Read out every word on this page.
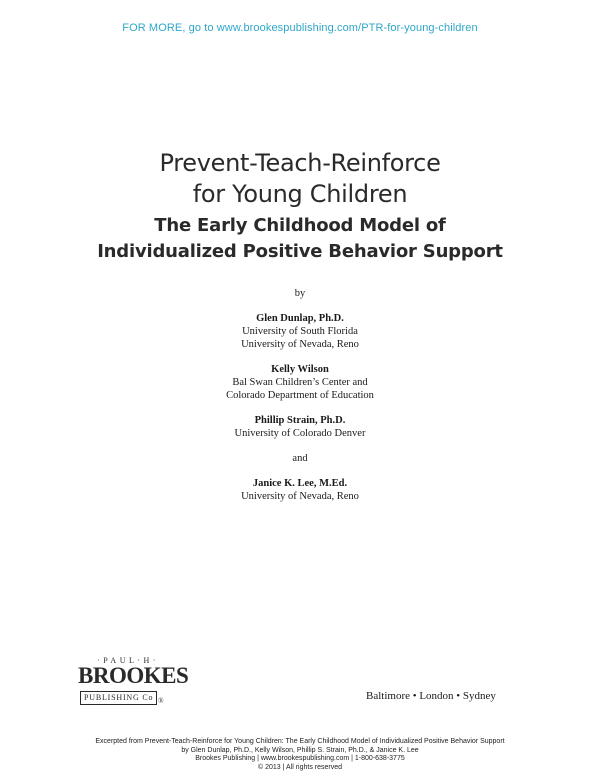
FOR MORE, go to www.brookespublishing.com/PTR-for-young-children
Prevent-Teach-Reinforce
for Young Children
The Early Childhood Model of
Individualized Positive Behavior Support
by
Glen Dunlap, Ph.D.
University of South Florida
University of Nevada, Reno
Kelly Wilson
Bal Swan Children’s Center and
Colorado Department of Education
Phillip Strain, Ph.D.
University of Colorado Denver
and
Janice K. Lee, M.Ed.
University of Nevada, Reno
·PAUL·H·
BROOKES
PUBLISHING Co ®	Baltimore • London • Sydney
Excerpted from Prevent-Teach-Reinforce for Young Children: The Early Childhood Model of Individualized Positive Behavior Support
by Glen Dunlap, Ph.D., Kelly Wilson, Phillip S. Strain, Ph.D., & Janice K. Lee
Brookes Publishing | www.brookespublishing.com | 1-800-638-3775
© 2013 | All rights reserved
